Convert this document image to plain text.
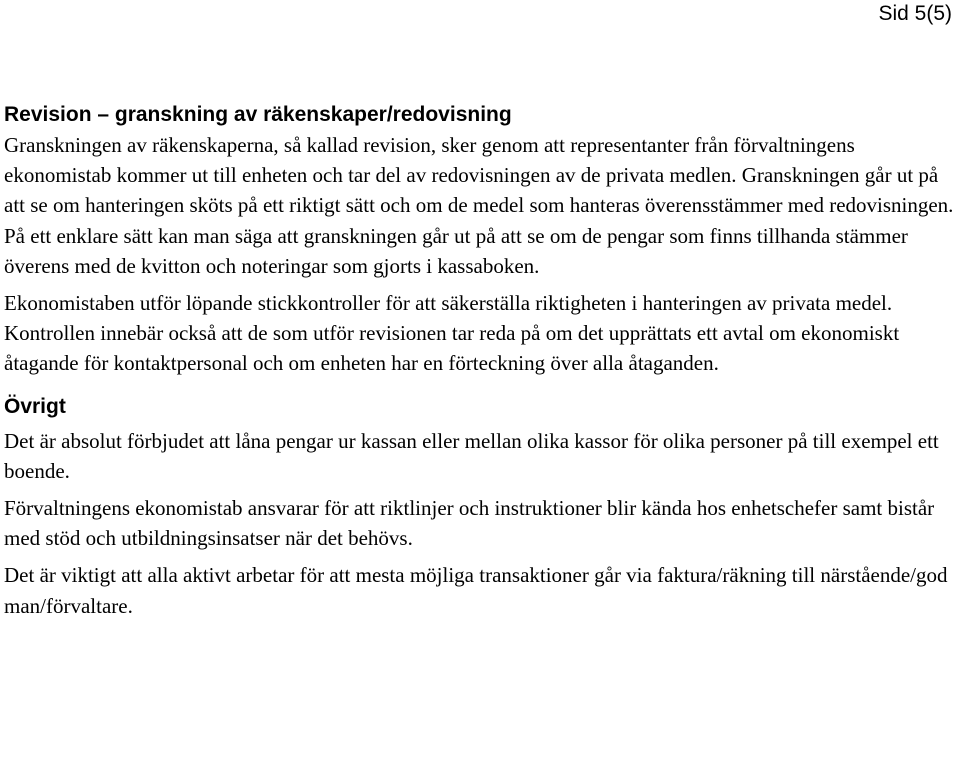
Sid 5(5)
Revision – granskning av räkenskaper/redovisning

Granskningen av räkenskaperna, så kallad revision, sker genom att representanter från förvaltningens ekonomistab kommer ut till enheten och tar del av redovisningen av de privata medlen. Granskningen går ut på att se om hanteringen sköts på ett riktigt sätt och om de medel som hanteras överensstämmer med redovisningen. På ett enklare sätt kan man säga att granskningen går ut på att se om de pengar som finns tillhanda stämmer överens med de kvitton och noteringar som gjorts i kassaboken.

Ekonomistaben utför löpande stickkontroller för att säkerställa riktigheten i hanteringen av privata medel. Kontrollen innebär också att de som utför revisionen tar reda på om det upprättats ett avtal om ekonomiskt åtagande för kontaktpersonal och om enheten har en förteckning över alla åtaganden.

Övrigt

Det är absolut förbjudet att låna pengar ur kassan eller mellan olika kassor för olika personer på till exempel ett boende.

Förvaltningens ekonomistab ansvarar för att riktlinjer och instruktioner blir kända hos enhetschefer samt bistår med stöd och utbildningsinsatser när det behövs.

Det är viktigt att alla aktivt arbetar för att mesta möjliga transaktioner går via faktura/räkning till närstående/god man/förvaltare.
